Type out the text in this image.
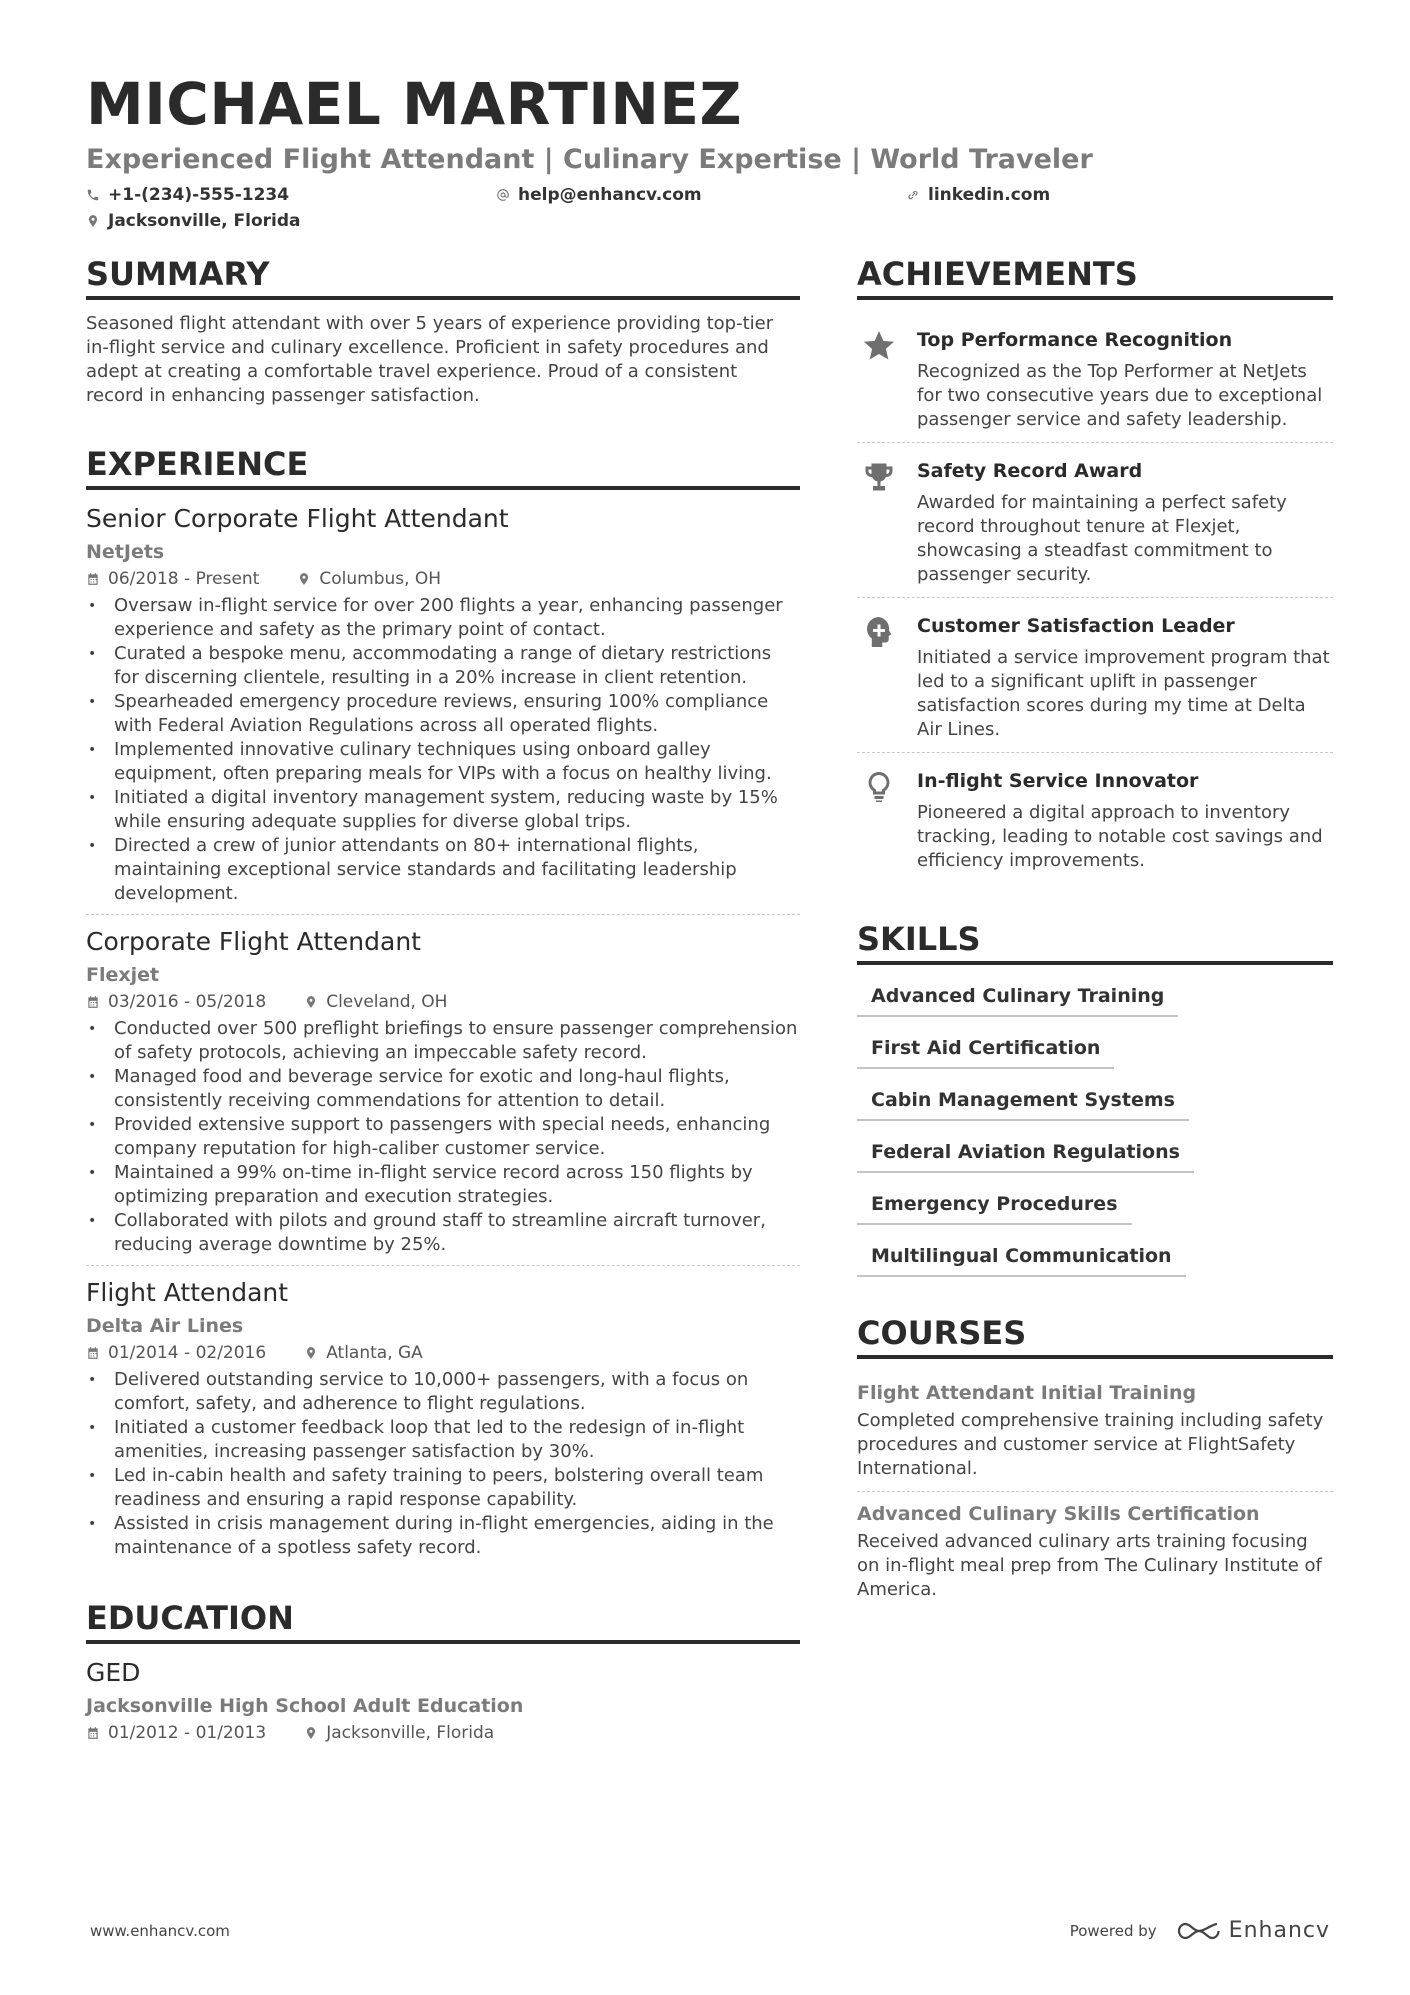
MICHAEL MARTINEZ
Experienced Flight Attendant | Culinary Expertise | World Traveler
+1-(234)-555-1234	help@enhancv.com	linkedin.com
Jacksonville, Florida
SUMMARY
Seasoned flight attendant with over 5 years of experience providing top-tier in-flight service and culinary excellence. Proficient in safety procedures and adept at creating a comfortable travel experience. Proud of a consistent record in enhancing passenger satisfaction.
EXPERIENCE
Senior Corporate Flight Attendant
NetJets
06/2018 - Present	Columbus, OH
• Oversaw in-flight service for over 200 flights a year, enhancing passenger experience and safety as the primary point of contact.
• Curated a bespoke menu, accommodating a range of dietary restrictions for discerning clientele, resulting in a 20% increase in client retention.
• Spearheaded emergency procedure reviews, ensuring 100% compliance with Federal Aviation Regulations across all operated flights.
• Implemented innovative culinary techniques using onboard galley equipment, often preparing meals for VIPs with a focus on healthy living.
• Initiated a digital inventory management system, reducing waste by 15% while ensuring adequate supplies for diverse global trips.
• Directed a crew of junior attendants on 80+ international flights, maintaining exceptional service standards and facilitating leadership development.
Corporate Flight Attendant
Flexjet
03/2016 - 05/2018	Cleveland, OH
• Conducted over 500 preflight briefings to ensure passenger comprehension of safety protocols, achieving an impeccable safety record.
• Managed food and beverage service for exotic and long-haul flights, consistently receiving commendations for attention to detail.
• Provided extensive support to passengers with special needs, enhancing company reputation for high-caliber customer service.
• Maintained a 99% on-time in-flight service record across 150 flights by optimizing preparation and execution strategies.
• Collaborated with pilots and ground staff to streamline aircraft turnover, reducing average downtime by 25%.
Flight Attendant
Delta Air Lines
01/2014 - 02/2016	Atlanta, GA
• Delivered outstanding service to 10,000+ passengers, with a focus on comfort, safety, and adherence to flight regulations.
• Initiated a customer feedback loop that led to the redesign of in-flight amenities, increasing passenger satisfaction by 30%.
• Led in-cabin health and safety training to peers, bolstering overall team readiness and ensuring a rapid response capability.
• Assisted in crisis management during in-flight emergencies, aiding in the maintenance of a spotless safety record.
EDUCATION
GED
Jacksonville High School Adult Education
01/2012 - 01/2013	Jacksonville, Florida
ACHIEVEMENTS
Top Performance Recognition
Recognized as the Top Performer at NetJets for two consecutive years due to exceptional passenger service and safety leadership.
Safety Record Award
Awarded for maintaining a perfect safety record throughout tenure at Flexjet, showcasing a steadfast commitment to passenger security.
Customer Satisfaction Leader
Initiated a service improvement program that led to a significant uplift in passenger satisfaction scores during my time at Delta Air Lines.
In-flight Service Innovator
Pioneered a digital approach to inventory tracking, leading to notable cost savings and efficiency improvements.
SKILLS
Advanced Culinary Training
First Aid Certification
Cabin Management Systems
Federal Aviation Regulations
Emergency Procedures
Multilingual Communication
COURSES
Flight Attendant Initial Training
Completed comprehensive training including safety procedures and customer service at FlightSafety International.
Advanced Culinary Skills Certification
Received advanced culinary arts training focusing on in-flight meal prep from The Culinary Institute of America.
www.enhancv.com	Powered by	Enhancv
